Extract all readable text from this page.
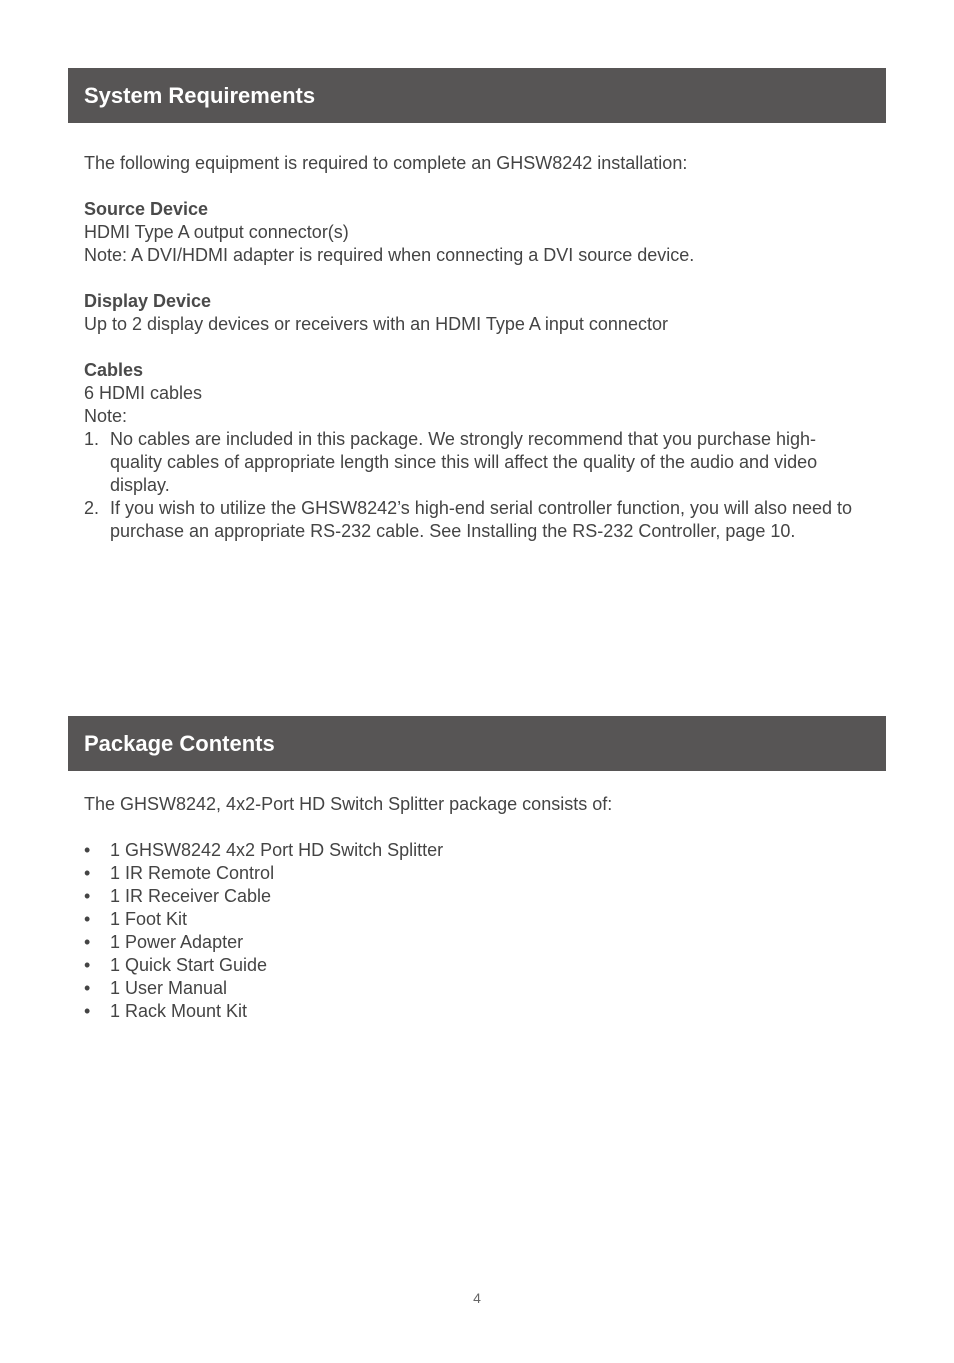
System Requirements

The following equipment is required to complete an GHSW8242 installation:

Source Device

HDMI Type A output connector(s)

Note: A DVI/HDMI adapter is required when connecting a DVI source device.

Display Device

Up to 2 display devices or receivers with an HDMI Type A input connector

Cables

6 HDMI cables

Note:

1. No cables are included in this package. We strongly recommend that you purchase high-quality cables of appropriate length since this will affect the quality of the audio and video display.
2. If you wish to utilize the GHSW8242’s high-end serial controller function, you will also need to purchase an appropriate RS-232 cable. See Installing the RS-232 Controller, page 10.
Package Contents

The GHSW8242, 4x2-Port HD Switch Splitter package consists of:

• 1 GHSW8242 4x2 Port HD Switch Splitter
• 1 IR Remote Control
• 1 IR Receiver Cable
• 1 Foot Kit
• 1 Power Adapter
• 1 Quick Start Guide
• 1 User Manual
• 1 Rack Mount Kit
4
